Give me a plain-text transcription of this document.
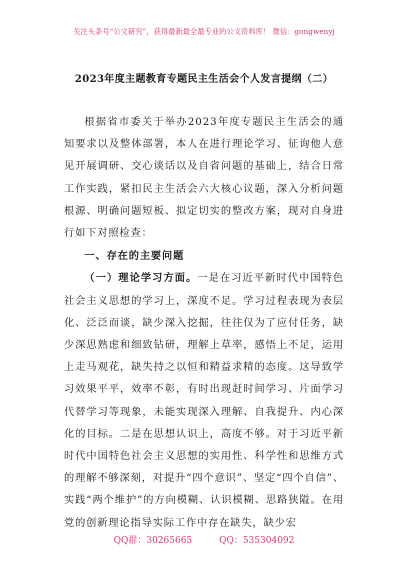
关注头条号“公文研究”，获得最新最全最专业的公文资料库！ 微信：gongwenyj
2023年度主题教育专题民主生活会个人发言提纲（二）

根据省市委关于举办2023年度专题民主生活会的通知要求以及整体部署，本人在进行理论学习、征询他人意见开展调研、交心谈话以及自省问题的基础上，结合日常工作实践，紧扣民主生活会六大核心议题，深入分析问题根源、明确问题短板、拟定切实的整改方案，现对自身进行如下对照检查：

一、存在的主要问题

（一）理论学习方面。一是在习近平新时代中国特色社会主义思想的学习上，深度不足。学习过程表现为表层化、泛泛而谈，缺少深入挖掘，往往仅为了应付任务，缺少深思熟虑和细致钻研，理解上草率，感悟上不足，运用上走马观花，缺失持之以恒和精益求精的态度。这导致学习效果平平，效率不彰，有时出现赶时间学习、片面学习代替学习等现象，未能实现深入理解、自我提升、内心深化的目标。二是在思想认识上，高度不够。对于习近平新时代中国特色社会主义思想的实用性、科学性和思维方式的理解不够深刻，对提升“四个意识”、坚定“四个自信”、实践“两个维护”的方向模糊、认识模糊、思路狭隘。在用党的创新理论指导实际工作中存在缺失，缺少宏

QQ群：30265665	QQ：535304092
